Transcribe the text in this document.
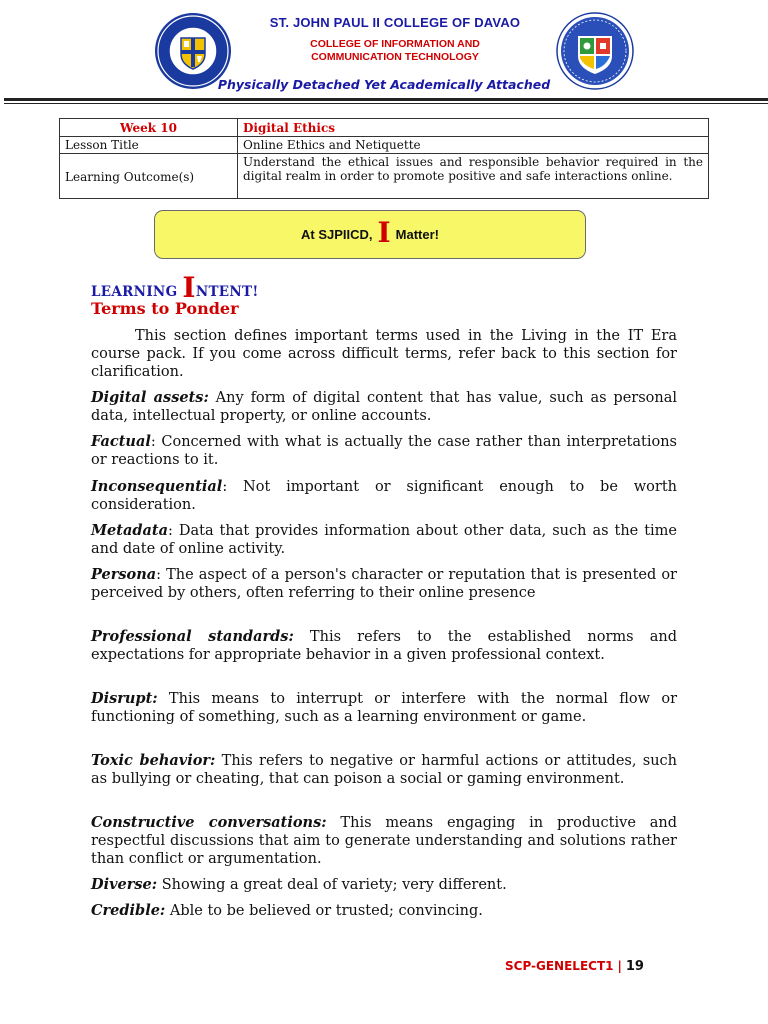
ST. JOHN PAUL II COLLEGE OF DAVAO
COLLEGE OF INFORMATION AND
COMMUNICATION TECHNOLOGY
Physically Detached Yet Academically Attached
Week 10	Digital Ethics
Lesson Title	Online Ethics and Netiquette
Learning Outcome(s)	Understand the ethical issues and responsible behavior required in the digital realm in order to promote positive and safe interactions online.
At SJPIICD, I Matter!
LEARNING INTENT!
Terms to Ponder

This section defines important terms used in the Living in the IT Era course pack. If you come across difficult terms, refer back to this section for clarification.

Digital assets: Any form of digital content that has value, such as personal data, intellectual property, or online accounts.

Factual: Concerned with what is actually the case rather than interpretations or reactions to it.

Inconsequential: Not important or significant enough to be worth consideration.

Metadata: Data that provides information about other data, such as the time and date of online activity.

Persona: The aspect of a person's character or reputation that is presented or perceived by others, often referring to their online presence

Professional standards: This refers to the established norms and expectations for appropriate behavior in a given professional context.

Disrupt: This means to interrupt or interfere with the normal flow or functioning of something, such as a learning environment or game.

Toxic behavior: This refers to negative or harmful actions or attitudes, such as bullying or cheating, that can poison a social or gaming environment.

Constructive conversations: This means engaging in productive and respectful discussions that aim to generate understanding and solutions rather than conflict or argumentation.

Diverse: Showing a great deal of variety; very different.

Credible: Able to be believed or trusted; convincing.

SCP-GENELECT1 | 19
